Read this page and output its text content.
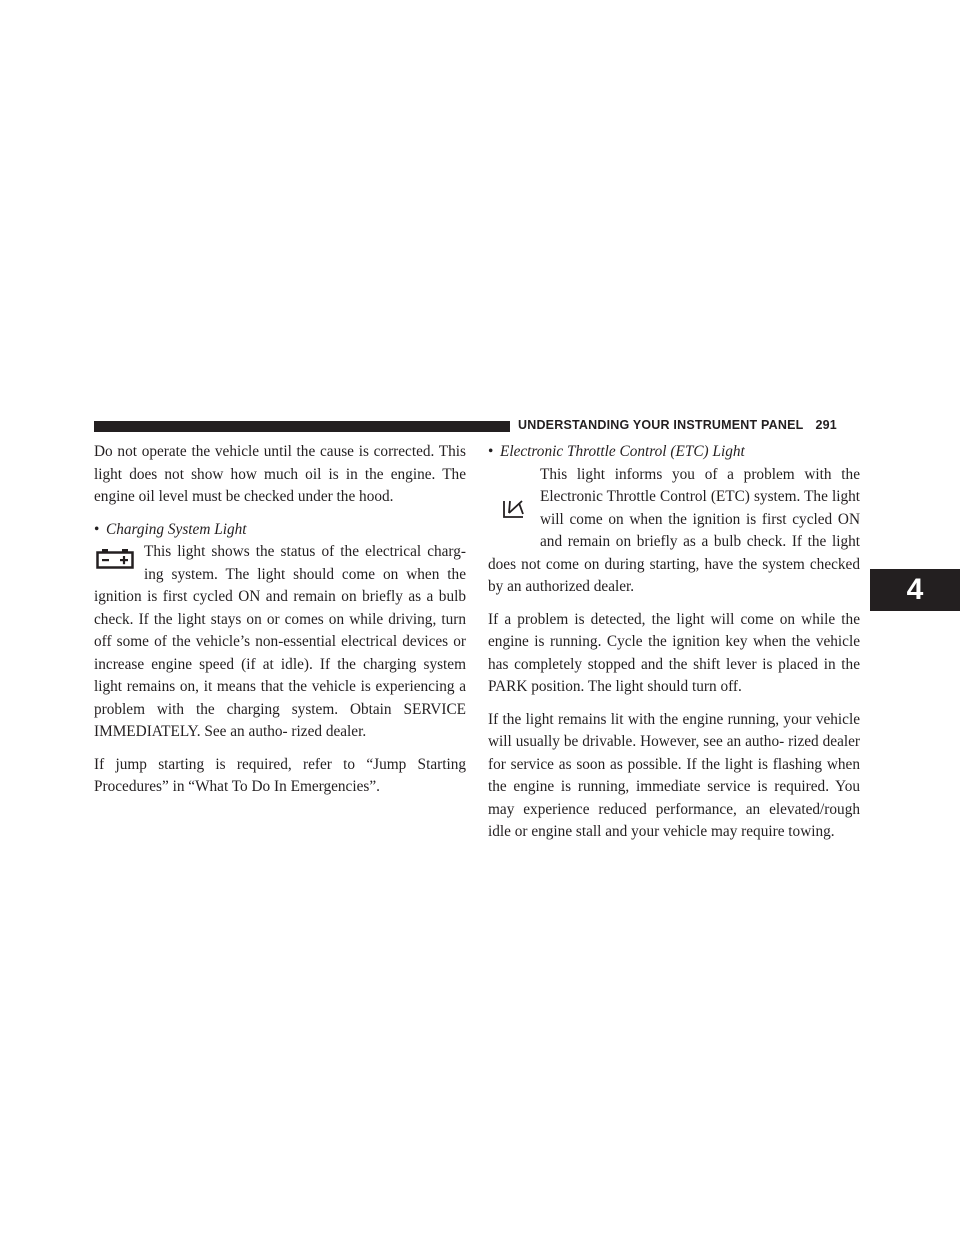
UNDERSTANDING YOUR INSTRUMENT PANEL 291
4

Do not operate the vehicle until the cause is corrected. This light does not show how much oil is in the engine. The engine oil level must be checked under the hood.

• Charging System Light
This light shows the status of the electrical charg- ing system. The light should come on when the ignition is first cycled ON and remain on briefly as a bulb check. If the light stays on or comes on while driving, turn off some of the vehicle’s non-essential electrical devices or increase engine speed (if at idle). If the charging system light remains on, it means that the vehicle is experiencing a problem with the charging system. Obtain SERVICE IMMEDIATELY. See an autho- rized dealer.

If jump starting is required, refer to “Jump Starting Procedures” in “What To Do In Emergencies”.

• Electronic Throttle Control (ETC) Light
This light informs you of a problem with the Electronic Throttle Control (ETC) system. The light will come on when the ignition is first cycled ON and remain on briefly as a bulb check. If the light does not come on during starting, have the system checked by an authorized dealer.

If a problem is detected, the light will come on while the engine is running. Cycle the ignition key when the vehicle has completely stopped and the shift lever is placed in the PARK position. The light should turn off.

If the light remains lit with the engine running, your vehicle will usually be drivable. However, see an autho- rized dealer for service as soon as possible. If the light is flashing when the engine is running, immediate service is required. You may experience reduced performance, an elevated/rough idle or engine stall and your vehicle may require towing.
